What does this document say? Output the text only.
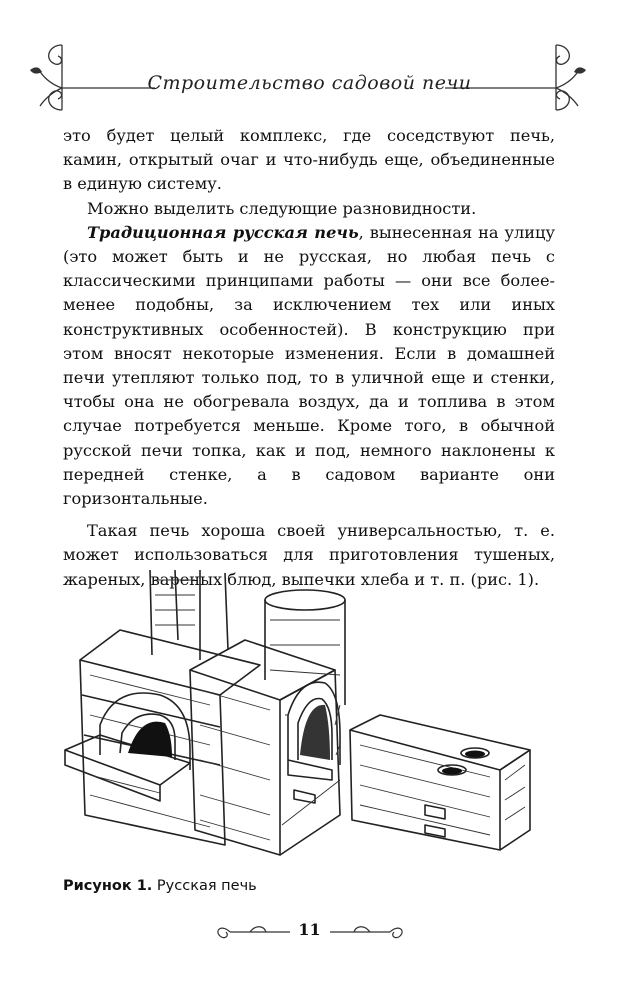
Строительство садовой печи

это будет целый комплекс, где соседствуют печь, камин, открытый очаг и что-нибудь еще, объединенные в единую систему.

Можно выделить следующие разновидности.

Традиционная русская печь, вынесенная на улицу (это может быть и не русская, но любая печь с классическими принципами работы — они все более-менее подобны, за исключением тех или иных конструктивных особенностей). В конструкцию при этом вносят некоторые изменения. Если в домашней печи утепляют только под, то в уличной еще и стенки, чтобы она не обогревала воздух, да и топлива в этом случае потребуется меньше. Кроме того, в обычной русской печи топка, как и под, немного наклонены к передней стенке, а в садовом варианте они горизонтальные.

Такая печь хороша своей универсальностью, т. е. может использоваться для приготовления тушеных, жареных, вареных блюд, выпечки хлеба и т. п. (рис. 1).

Рисунок 1. Русская печь
11
